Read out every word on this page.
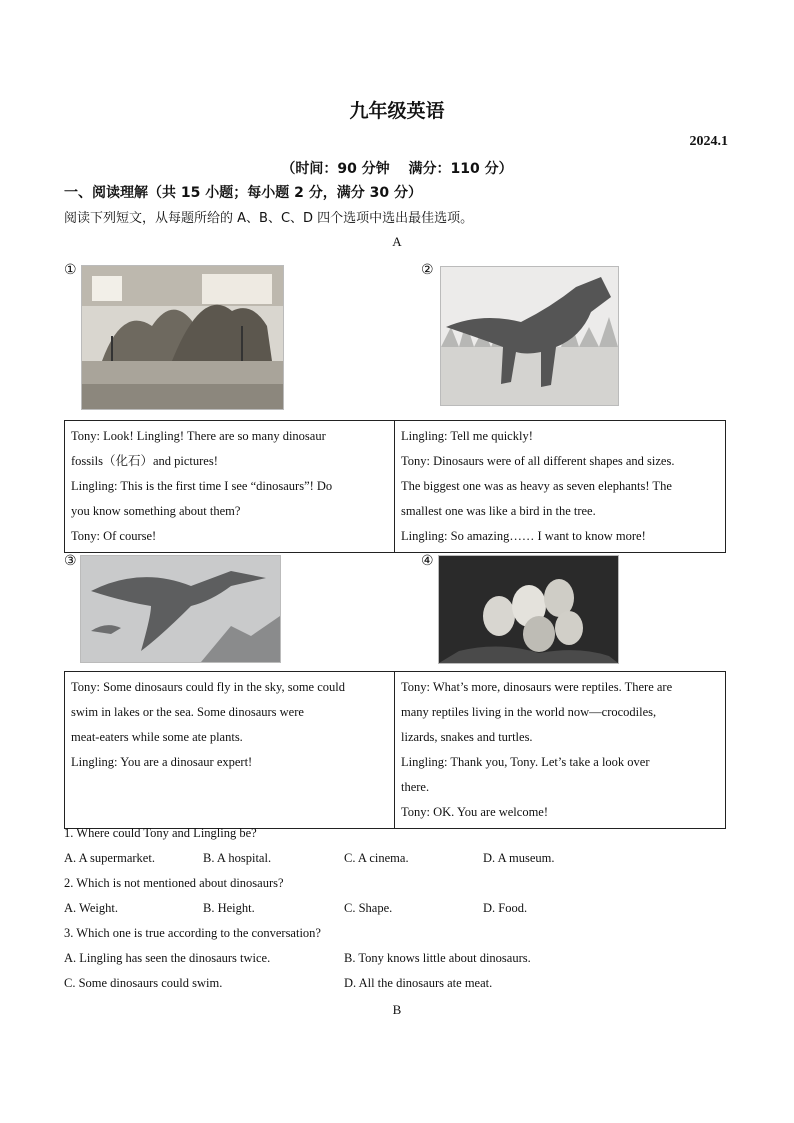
九年级英语
2024.1
（时间：90 分钟　 满分：110 分）
一、阅读理解（共 15 小题；每小题 2 分，满分 30 分）
阅读下列短文，从每题所给的 A、B、C、D 四个选项中选出最佳选项。
A
①	②
Tony: Look! Lingling! There are so many dinosaur
fossils（化石）and pictures!
Lingling: This is the first time I see “dinosaurs”! Do
you know something about them?
Tony: Of course!

Lingling: Tell me quickly!
Tony: Dinosaurs were of all different shapes and sizes.
The biggest one was as heavy as seven elephants! The
smallest one was like a bird in the tree.
Lingling: So amazing…… I want to know more!
③	④
Tony: Some dinosaurs could fly in the sky, some could
swim in lakes or the sea. Some dinosaurs were
meat-eaters while some ate plants.
Lingling: You are a dinosaur expert!

Tony: What’s more, dinosaurs were reptiles. There are
many reptiles living in the world now—crocodiles,
lizards, snakes and turtles.
Lingling: Thank you, Tony. Let’s take a look over
there.
Tony: OK. You are welcome!
1. Where could Tony and Lingling be?
A. A supermarket.	B. A hospital.	C. A cinema.	D. A museum.
2. Which is not mentioned about dinosaurs?
A. Weight.	B. Height.	C. Shape.	D. Food.
3. Which one is true according to the conversation?
A. Lingling has seen the dinosaurs twice.	B. Tony knows little about dinosaurs.
C. Some dinosaurs could swim.	D. All the dinosaurs ate meat.
B
